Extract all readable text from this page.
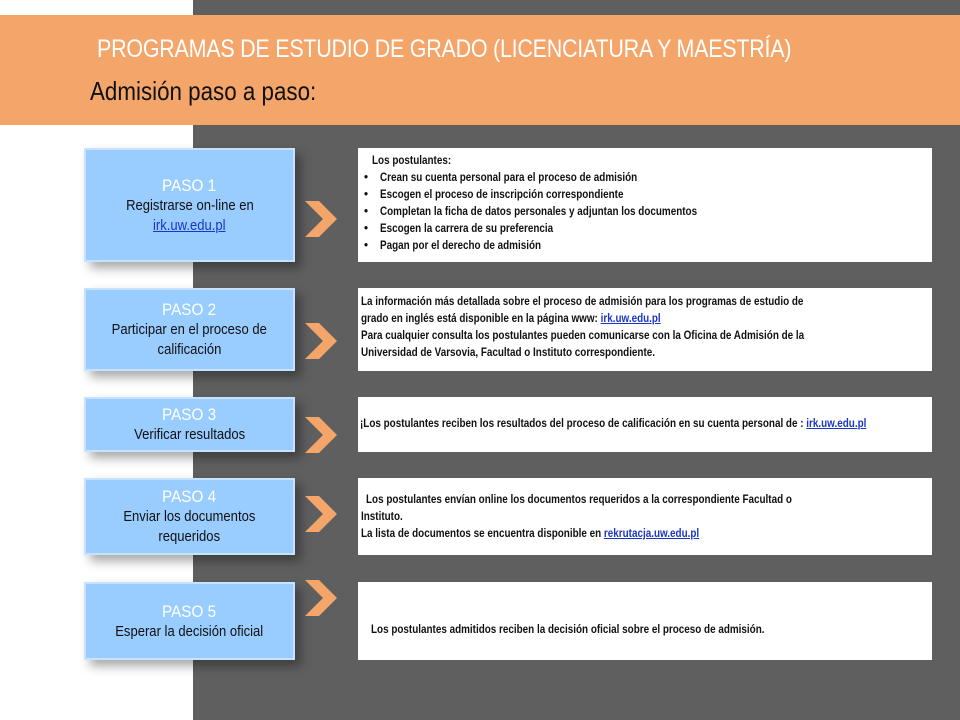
PROGRAMAS DE ESTUDIO DE GRADO (LICENCIATURA Y MAESTRÍA)
Admisión paso a paso:
PASO 1
Registrarse on-line en
irk.uw.edu.pl
Los postulantes:
• Crean su cuenta personal para el proceso de admisión
• Escogen el proceso de inscripción correspondiente
• Completan la ficha de datos personales y adjuntan los documentos
• Escogen la carrera de su preferencia
• Pagan por el derecho de admisión
PASO 2
Participar en el proceso de
calificación
La información más detallada sobre el proceso de admisión para los programas de estudio de
grado en inglés está disponible en la página www: irk.uw.edu.pl
Para cualquier consulta los postulantes pueden comunicarse con la Oficina de Admisión de la
Universidad de Varsovia, Facultad o Instituto correspondiente.
PASO 3
Verificar resultados
¡Los postulantes reciben los resultados del proceso de calificación en su cuenta personal de : irk.uw.edu.pl
PASO 4
Enviar los documentos
requeridos
Los postulantes envían online los documentos requeridos a la correspondiente Facultad o
Instituto.
La lista de documentos se encuentra disponible en rekrutacja.uw.edu.pl
PASO 5
Esperar la decisión oficial	Los postulantes admitidos reciben la decisión oficial sobre el proceso de admisión.
